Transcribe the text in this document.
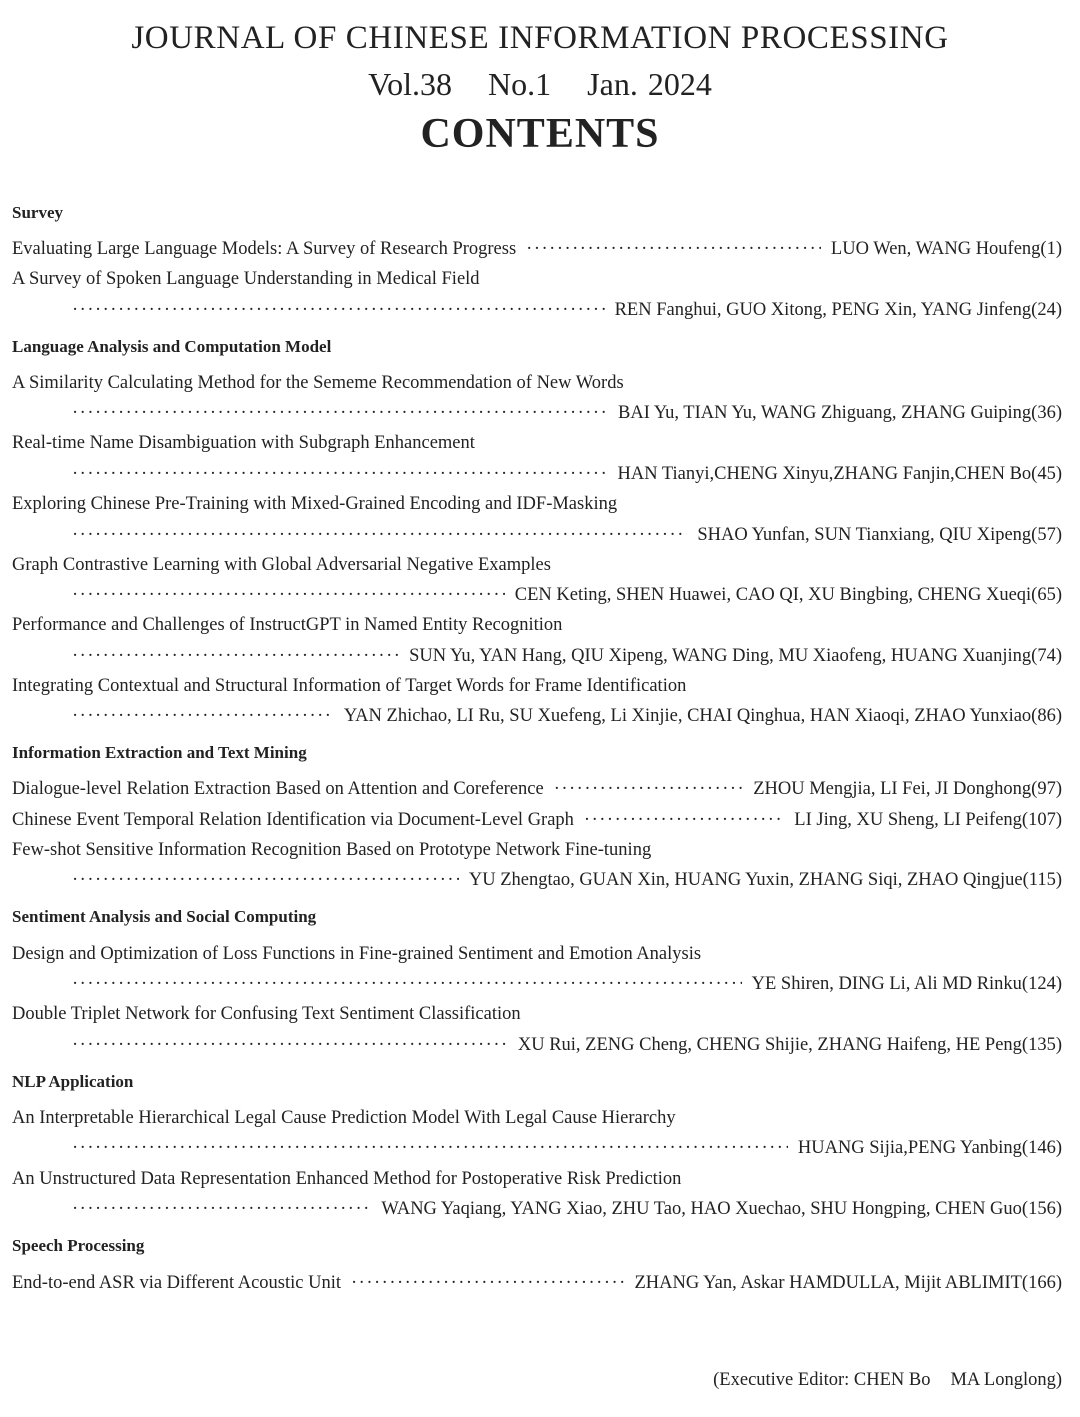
JOURNAL OF CHINESE INFORMATION PROCESSING
Vol.38 No.1 Jan. 2024
CONTENTS
Survey
Evaluating Large Language Models: A Survey of Research Progress ·····	LUO Wen, WANG Houfeng(1)
A Survey of Spoken Language Understanding in Medical Field
·····
REN Fanghui, GUO Xitong, PENG Xin, YANG Jinfeng(24)
Language Analysis and Computation Model
A Similarity Calculating Method for the Sememe Recommendation of New Words
·····
BAI Yu, TIAN Yu, WANG Zhiguang, ZHANG Guiping(36)
Real-time Name Disambiguation with Subgraph Enhancement
·····
HAN Tianyi,CHENG Xinyu,ZHANG Fanjin,CHEN Bo(45)
Exploring Chinese Pre-Training with Mixed-Grained Encoding and IDF-Masking
·····
SHAO Yunfan, SUN Tianxiang, QIU Xipeng(57)
Graph Contrastive Learning with Global Adversarial Negative Examples
·····
CEN Keting, SHEN Huawei, CAO QI, XU Bingbing, CHENG Xueqi(65)
Performance and Challenges of InstructGPT in Named Entity Recognition
·····
SUN Yu, YAN Hang, QIU Xipeng, WANG Ding, MU Xiaofeng, HUANG Xuanjing(74)
Integrating Contextual and Structural Information of Target Words for Frame Identification
·····
YAN Zhichao, LI Ru, SU Xuefeng, Li Xinjie, CHAI Qinghua, HAN Xiaoqi, ZHAO Yunxiao(86)
Information Extraction and Text Mining
Dialogue-level Relation Extraction Based on Attention and Coreference ·····	ZHOU Mengjia, LI Fei, JI Donghong(97)
Chinese Event Temporal Relation Identification via Document-Level Graph ·····	LI Jing, XU Sheng, LI Peifeng(107)
Few-shot Sensitive Information Recognition Based on Prototype Network Fine-tuning
·····
YU Zhengtao, GUAN Xin, HUANG Yuxin, ZHANG Siqi, ZHAO Qingjue(115)
Sentiment Analysis and Social Computing
Design and Optimization of Loss Functions in Fine-grained Sentiment and Emotion Analysis
·····
YE Shiren, DING Li, Ali MD Rinku(124)
Double Triplet Network for Confusing Text Sentiment Classification
·····
XU Rui, ZENG Cheng, CHENG Shijie, ZHANG Haifeng, HE Peng(135)
NLP Application
An Interpretable Hierarchical Legal Cause Prediction Model With Legal Cause Hierarchy
·····
HUANG Sijia,PENG Yanbing(146)
An Unstructured Data Representation Enhanced Method for Postoperative Risk Prediction
·····
WANG Yaqiang, YANG Xiao, ZHU Tao, HAO Xuechao, SHU Hongping, CHEN Guo(156)
Speech Processing
End-to-end ASR via Different Acoustic Unit ·····	ZHANG Yan, Askar HAMDULLA, Mijit ABLIMIT(166)
(Executive Editor: CHEN Bo MA Longlong)
